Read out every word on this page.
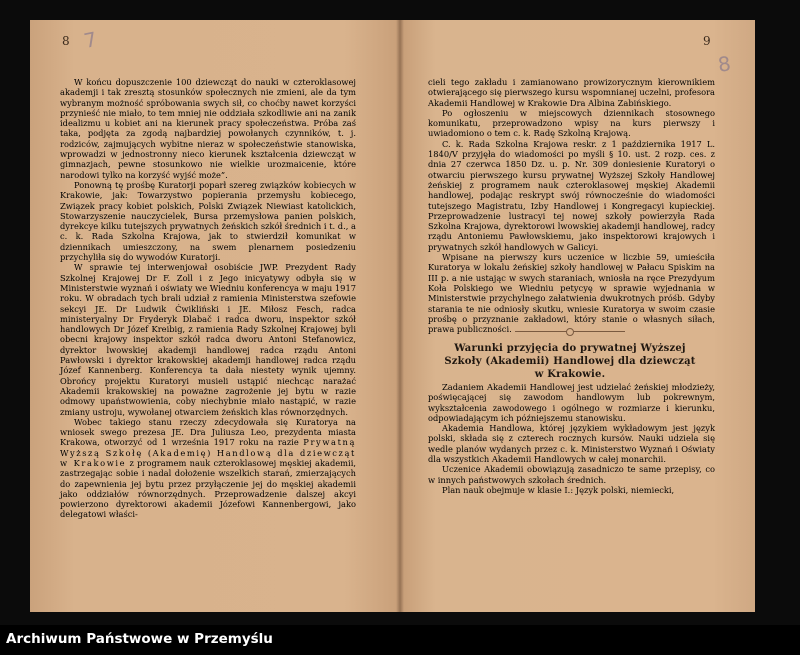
8 7	9
8

W końcu dopuszczenie 100 dziewcząt do nauki w czteroklasowej akademji i tak zresztą stosunków społecznych nie zmieni, ale da tym wybranym możność spróbowania swych sił, co choćby nawet korzyści przynieść nie miało, to tem mniej nie oddziała szkodliwie ani na zanik idealizmu u kobiet ani na kierunek pracy społeczeństwa. Próba zaś taka, podjęta za zgodą najbardziej powołanych czynników, t. j. rodziców, zajmujących wybitne nieraz w społeczeństwie stanowiska, wprowadzi w jednostronny nieco kierunek kształcenia dziewcząt w gimnazjach, pewne stosunkowo nie wielkie urozmaicenie, które narodowi tylko na korzyść wyjść może”.

Ponowną tę prośbę Kuratorji poparł szereg związków kobiecych w Krakowie, jak: Towarzystwo popierania przemysłu kobiecego, Związek pracy kobiet polskich, Polski Związek Niewiast katolickich, Stowarzyszenie nauczycielek, Bursa przemysłowa panien polskich, dyrekcye kilku tutejszych prywatnych żeńskich szkół średnich i t. d., a c. k. Rada Szkolna Krajowa, jak to stwierdził komunikat w dziennikach umieszczony, na swem plenarnem posiedzeniu przychyliła się do wywodów Kuratorji.

W sprawie tej interwenjował osobiście JWP. Prezydent Rady Szkolnej Krajowej Dr F. Zoll i z Jego inicyatywy odbyła się w Ministerstwie wyznań i oświaty we Wiedniu konferencya w maju 1917 roku. W obradach tych brali udział z ramienia Ministerstwa szefowie sekcyi JE. Dr Ludwik Ćwikliński i JE. Miłosz Fesch, radca ministeryalny Dr Fryderyk Dlabač i radca dworu, inspektor szkół handlowych Dr Józef Kreibig, z ramienia Rady Szkolnej Krajowej byli obecni krajowy inspektor szkół radca dworu Antoni Stefanowicz, dyrektor lwowskiej akademji handlowej radca rządu Antoni Pawłowski i dyrektor krakowskiej akademji handlowej radca rządu Józef Kannenberg. Konferencya ta dała niestety wynik ujemny. Obrońcy projektu Kuratoryi musieli ustąpić niechcąc narażać Akademii krakowskiej na poważne zagrożenie jej bytu w razie odmowy upaństwowienia, coby niechybnie miało nastąpić, w razie zmiany ustroju, wywołanej otwarciem żeńskich klas równorzędnych.

Wobec takiego stanu rzeczy zdecydowała się Kuratorya na wniosek swego prezesa JE. Dra Juliusza Leo, prezydenta miasta Krakowa, otworzyć od 1 września 1917 roku na razie Prywatną Wyższą Szkołę (Akademię) Handlową dla dziewcząt w Krakowie z programem nauk czteroklasowej męskiej akademii, zastrzegając sobie i nadal dołożenie wszelkich starań, zmierzających do zapewnienia jej bytu przez przyłączenie jej do męskiej akademii jako oddziałów równorzędnych. Przeprowadzenie dalszej akcyi powierzono dyrektorowi akademii Józefowi Kannenbergowi, jako delegatowi właści-

cieli tego zakładu i zamianowano prowizorycznym kierownikiem otwierającego się pierwszego kursu wspomnianej uczelni, profesora Akademii Handlowej w Krakowie Dra Albina Zabińskiego.

Po ogłoszeniu w miejscowych dziennikach stosownego komunikatu, przeprowadzono wpisy na kurs pierwszy i uwiadomiono o tem c. k. Radę Szkolną Krajową.

C. k. Rada Szkolna Krajowa reskr. z 1 października 1917 L. 1840/V przyjęła do wiadomości po myśli § 10. ust. 2 rozp. ces. z dnia 27 czerwca 1850 Dz. u. p. Nr. 309 doniesienie Kuratoryi o otwarciu pierwszego kursu prywatnej Wyższej Szkoły Handlowej żeńskiej z programem nauk czteroklasowej męskiej Akademii handlowej, podając reskrypt swój równocześnie do wiadomości tutejszego Magistratu, Izby Handlowej i Kongregacyi kupieckiej. Przeprowadzenie lustracyi tej nowej szkoły powierzyła Rada Szkolna Krajowa, dyrektorowi lwowskiej akademji handlowej, radcy rządu Antoniemu Pawłowskiemu, jako inspektorowi krajowych i prywatnych szkół handlowych w Galicyi.

Wpisane na pierwszy kurs uczenice w liczbie 59, umieściła Kuratorya w lokalu żeńskiej szkoły handlowej w Pałacu Spiskim na III p. a nie ustając w swych staraniach, wniosła na ręce Prezydyum Koła Polskiego we Wiedniu petycyę w sprawie wyjednania w Ministerstwie przychylnego załatwienia dwukrotnych próśb. Gdyby starania te nie odniosły skutku, wniesie Kuratorya w swoim czasie prośbę o przyznanie zakładowi, który stanie o własnych siłach, prawa publiczności.

Warunki przyjęcia do prywatnej Wyższej Szkoły (Akademii) Handlowej dla dziewcząt w Krakowie.

Zadaniem Akademii Handlowej jest udzielać żeńskiej młodzieży, poświęcającej się zawodom handlowym lub pokrewnym, wykształcenia zawodowego i ogólnego w rozmiarze i kierunku, odpowiadającym ich późniejszemu stanowisku.

Akademia Handlowa, której językiem wykładowym jest język polski, składa się z czterech rocznych kursów. Nauki udziela się wedle planów wydanych przez c. k. Ministerstwo Wyznań i Oświaty dla wszystkich Akademii Handlowych w całej monarchii.

Uczenice Akademii obowiązują zasadniczo te same przepisy, co w innych państwowych szkołach średnich.

Plan nauk obejmuje w klasie I.: Język polski, niemiecki,

Archiwum Państwowe w Przemyślu
